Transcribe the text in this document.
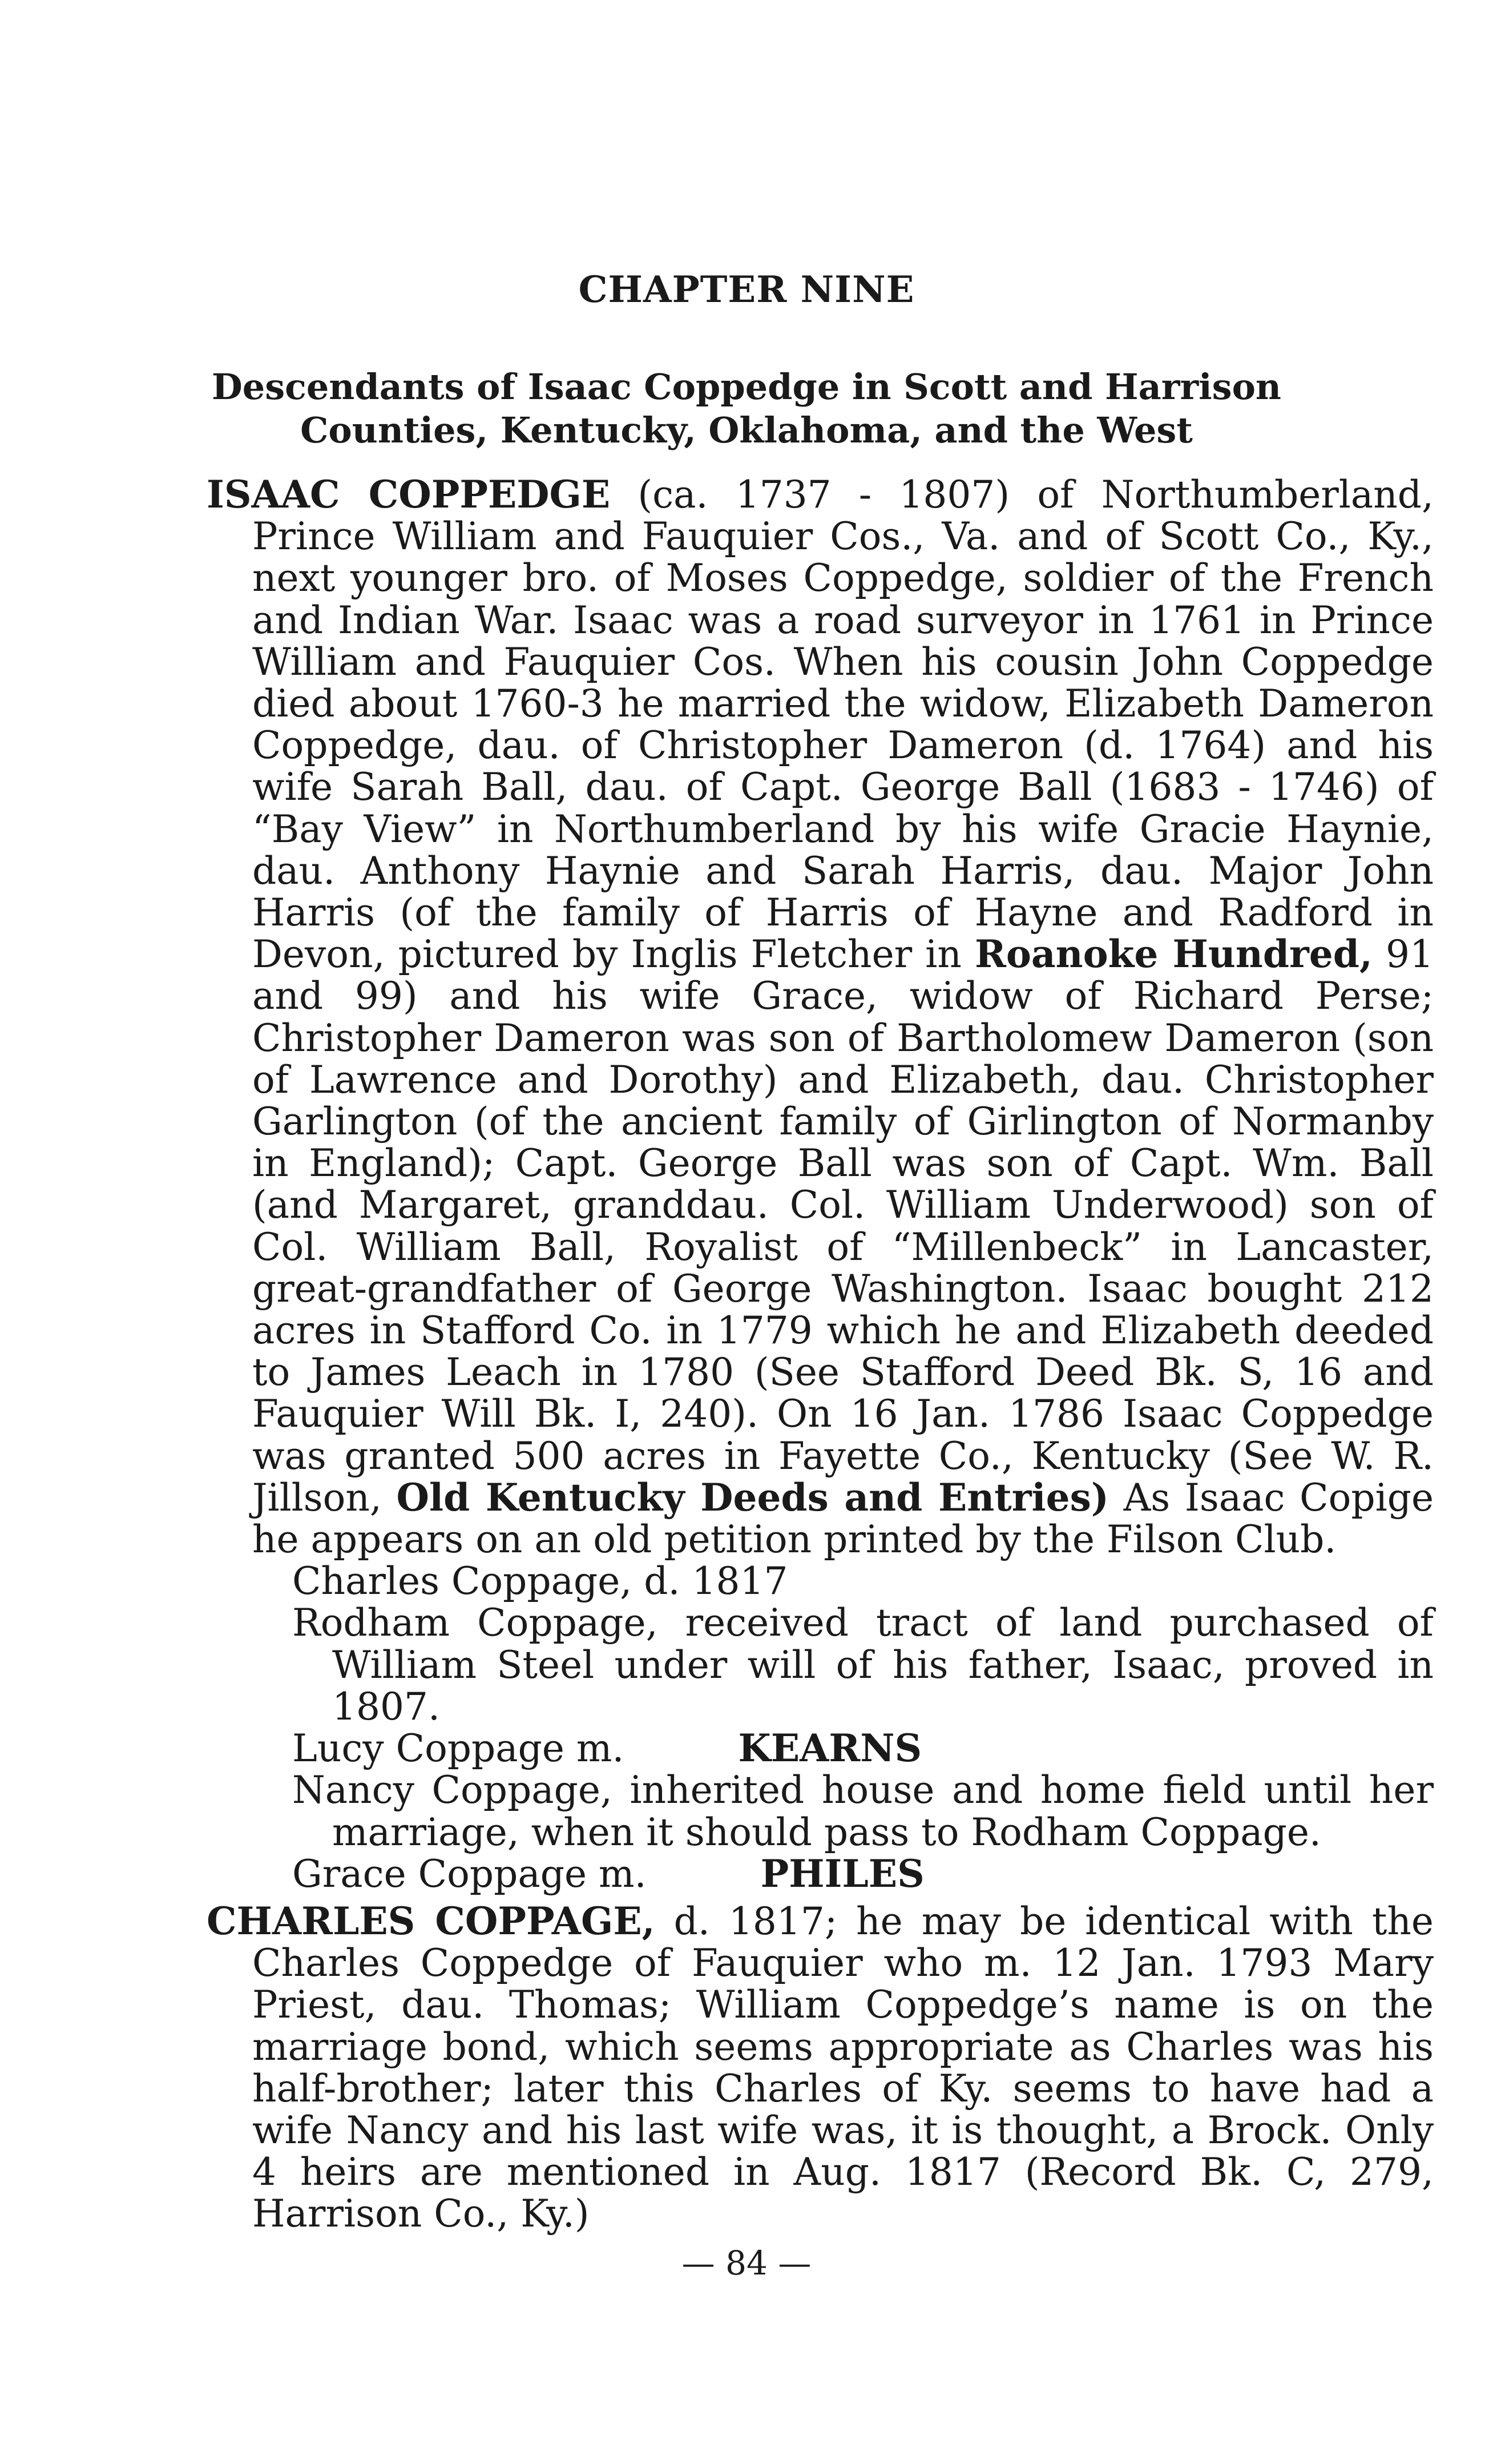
CHAPTER NINE
Descendants of Isaac Coppedge in Scott and Harrison
Counties, Kentucky, Oklahoma, and the West

ISAAC COPPEDGE (ca. 1737 - 1807) of Northumberland, Prince William and Fauquier Cos., Va. and of Scott Co., Ky., next younger bro. of Moses Coppedge, soldier of the French and Indian War. Isaac was a road surveyor in 1761 in Prince William and Fauquier Cos. When his cousin John Coppedge died about 1760-3 he married the widow, Elizabeth Dameron Coppedge, dau. of Christopher Dameron (d. 1764) and his wife Sarah Ball, dau. of Capt. George Ball (1683 - 1746) of “Bay View” in Northumberland by his wife Gracie Haynie, dau. Anthony Haynie and Sarah Harris, dau. Major John Harris (of the family of Harris of Hayne and Radford in Devon, pictured by Inglis Fletcher in Roanoke Hundred, 91 and 99) and his wife Grace, widow of Richard Perse; Christopher Dameron was son of Bartholomew Dameron (son of Lawrence and Dorothy) and Elizabeth, dau. Christopher Garlington (of the ancient family of Girlington of Normanby in England); Capt. George Ball was son of Capt. Wm. Ball (and Margaret, granddau. Col. William Underwood) son of Col. William Ball, Royalist of “Millenbeck” in Lancaster, great-grandfather of George Washington. Isaac bought 212 acres in Stafford Co. in 1779 which he and Elizabeth deeded to James Leach in 1780 (See Stafford Deed Bk. S, 16 and Fauquier Will Bk. I, 240). On 16 Jan. 1786 Isaac Coppedge was granted 500 acres in Fayette Co., Kentucky (See W. R. Jillson, Old Kentucky Deeds and Entries) As Isaac Copige he appears on an old petition printed by the Filson Club.

Charles Coppage, d. 1817

Rodham Coppage, received tract of land purchased of William Steel under will of his father, Isaac, proved in 1807.

Lucy Coppage m.	KEARNS

Nancy Coppage, inherited house and home field until her marriage, when it should pass to Rodham Coppage.

Grace Coppage m.	PHILES

CHARLES COPPAGE, d. 1817; he may be identical with the Charles Coppedge of Fauquier who m. 12 Jan. 1793 Mary Priest, dau. Thomas; William Coppedge’s name is on the marriage bond, which seems appropriate as Charles was his half-brother; later this Charles of Ky. seems to have had a wife Nancy and his last wife was, it is thought, a Brock. Only 4 heirs are mentioned in Aug. 1817 (Record Bk. C, 279, Harrison Co., Ky.)

— 84 —
